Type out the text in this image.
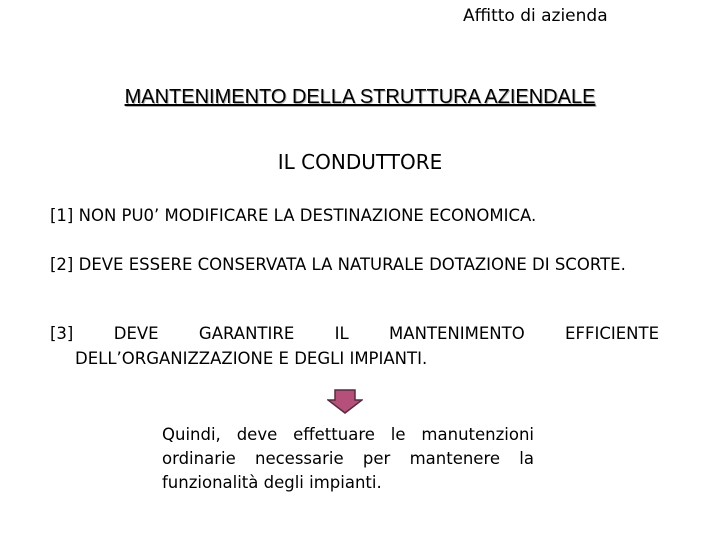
Affitto di azienda
MANTENIMENTO DELLA STRUTTURA AZIENDALE
IL CONDUTTORE
[1] NON PU0’ MODIFICARE LA DESTINAZIONE ECONOMICA.
[2] DEVE ESSERE CONSERVATA LA NATURALE DOTAZIONE DI SCORTE.
[3] DEVE GARANTIRE IL MANTENIMENTO EFFICIENTE DELL’ORGANIZZAZIONE E DEGLI IMPIANTI.
Quindi, deve effettuare le manutenzioni ordinarie necessarie per mantenere la funzionalità degli impianti.
